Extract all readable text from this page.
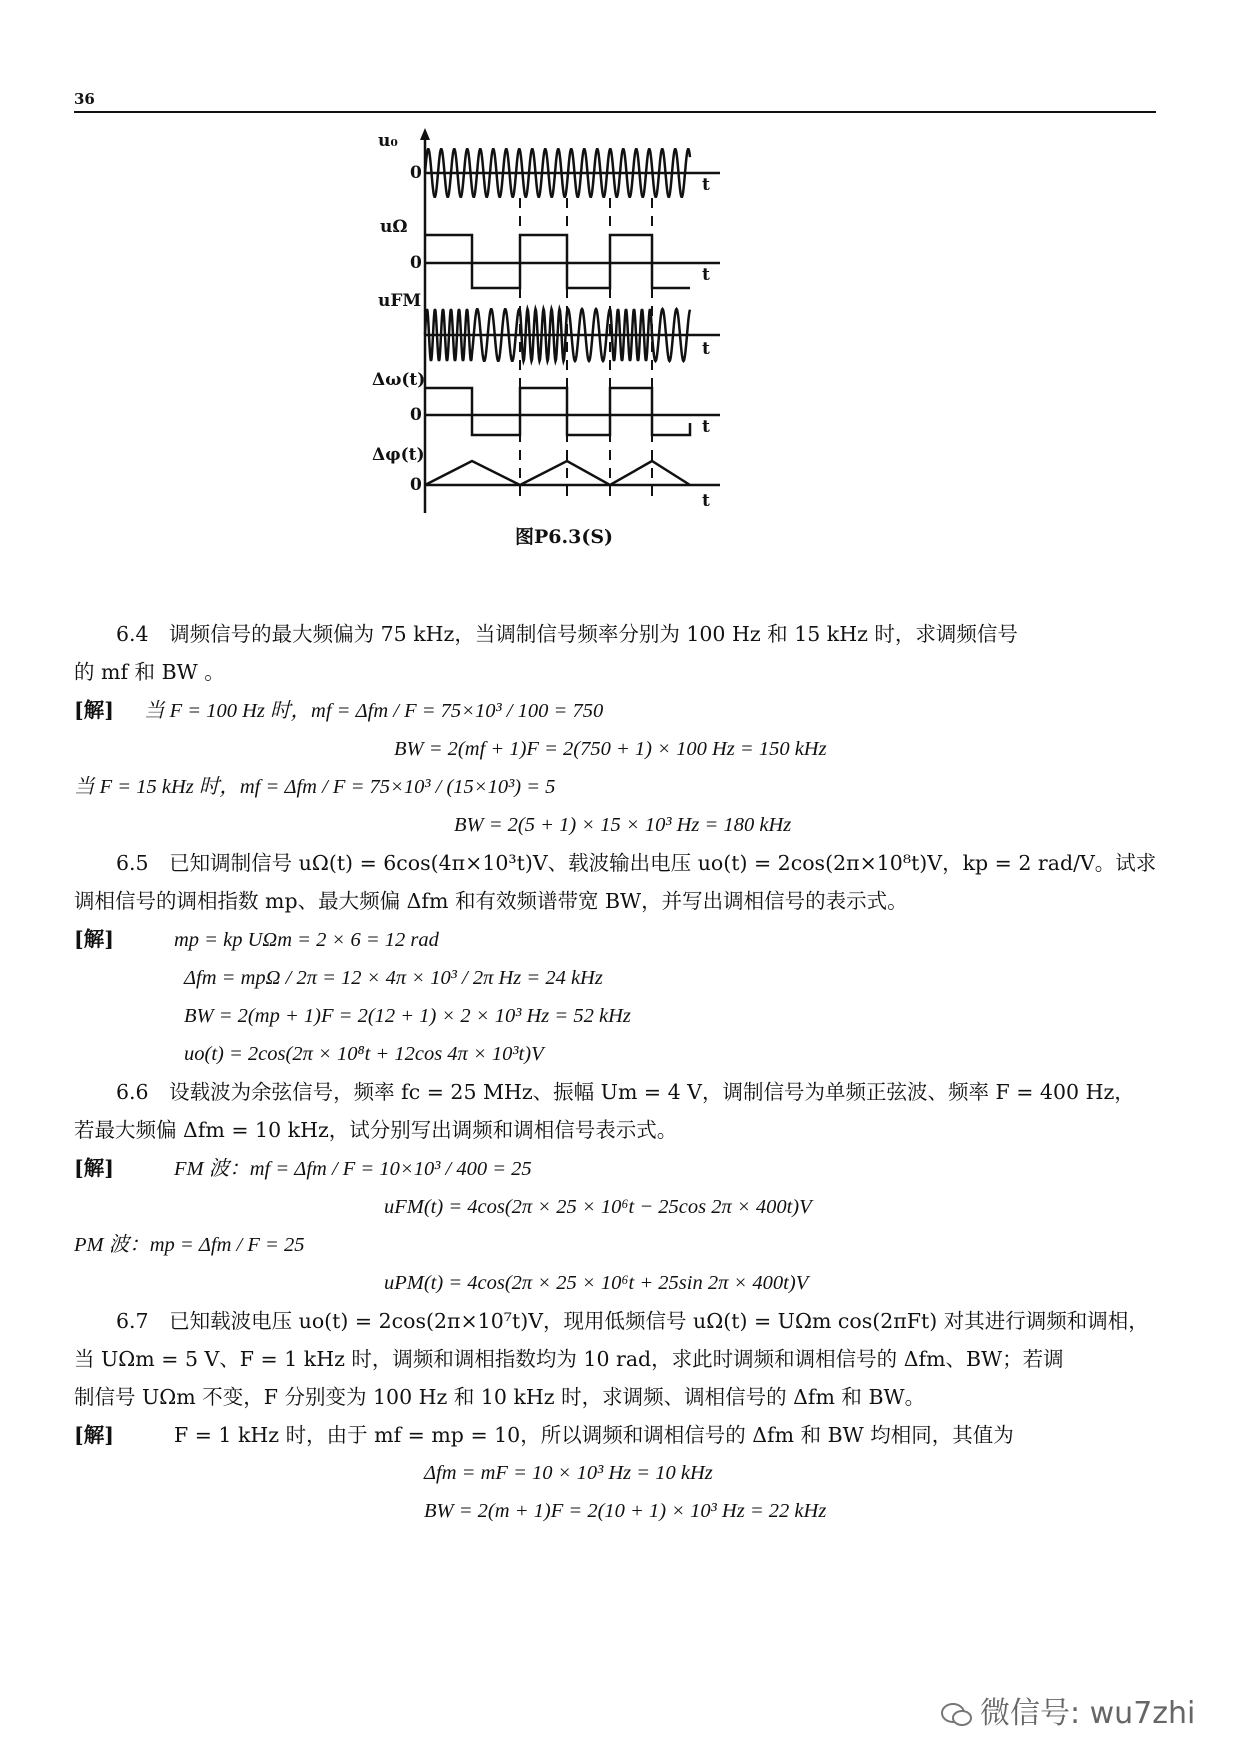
36
u₀
0
t
uΩ
0
t
uFM
t
Δω(t)
0
t
Δφ(t)
0
t
图P6.3(S)

6.4　调频信号的最大频偏为 75 kHz，当调制信号频率分别为 100 Hz 和 15 kHz 时，求调频信号

的 mf 和 BW 。

[解] 当 F = 100 Hz 时，mf = Δfm / F = 75×10³ / 100 = 750

BW = 2(mf + 1)F = 2(750 + 1) × 100 Hz = 150 kHz

当 F = 15 kHz 时，mf = Δfm / F = 75×10³ / (15×10³) = 5

BW = 2(5 + 1) × 15 × 10³ Hz = 180 kHz

6.5　已知调制信号 uΩ(t) = 6cos(4π×10³t)V、载波输出电压 uo(t) = 2cos(2π×10⁸t)V，kp = 2 rad/V。试求

调相信号的调相指数 mp、最大频偏 Δfm 和有效频谱带宽 BW，并写出调相信号的表示式。

[解]	mp = kp UΩm = 2 × 6 = 12 rad

Δfm = mpΩ / 2π = 12 × 4π × 10³ / 2π Hz = 24 kHz

BW = 2(mp + 1)F = 2(12 + 1) × 2 × 10³ Hz = 52 kHz

uo(t) = 2cos(2π × 10⁸t + 12cos 4π × 10³t)V

6.6　设载波为余弦信号，频率 fc = 25 MHz、振幅 Um = 4 V，调制信号为单频正弦波、频率 F = 400 Hz，

若最大频偏 Δfm = 10 kHz，试分别写出调频和调相信号表示式。

[解]	FM 波：mf = Δfm / F = 10×10³ / 400 = 25

uFM(t) = 4cos(2π × 25 × 10⁶t − 25cos 2π × 400t)V

PM 波：mp = Δfm / F = 25

uPM(t) = 4cos(2π × 25 × 10⁶t + 25sin 2π × 400t)V

6.7　已知载波电压 uo(t) = 2cos(2π×10⁷t)V，现用低频信号 uΩ(t) = UΩm cos(2πFt) 对其进行调频和调相，

当 UΩm = 5 V、F = 1 kHz 时，调频和调相指数均为 10 rad，求此时调频和调相信号的 Δfm、BW；若调

制信号 UΩm 不变，F 分别变为 100 Hz 和 10 kHz 时，求调频、调相信号的 Δfm 和 BW。

[解]	F = 1 kHz 时，由于 mf = mp = 10，所以调频和调相信号的 Δfm 和 BW 均相同，其值为

Δfm = mF = 10 × 10³ Hz = 10 kHz

BW = 2(m + 1)F = 2(10 + 1) × 10³ Hz = 22 kHz

微信号: wu7zhi
